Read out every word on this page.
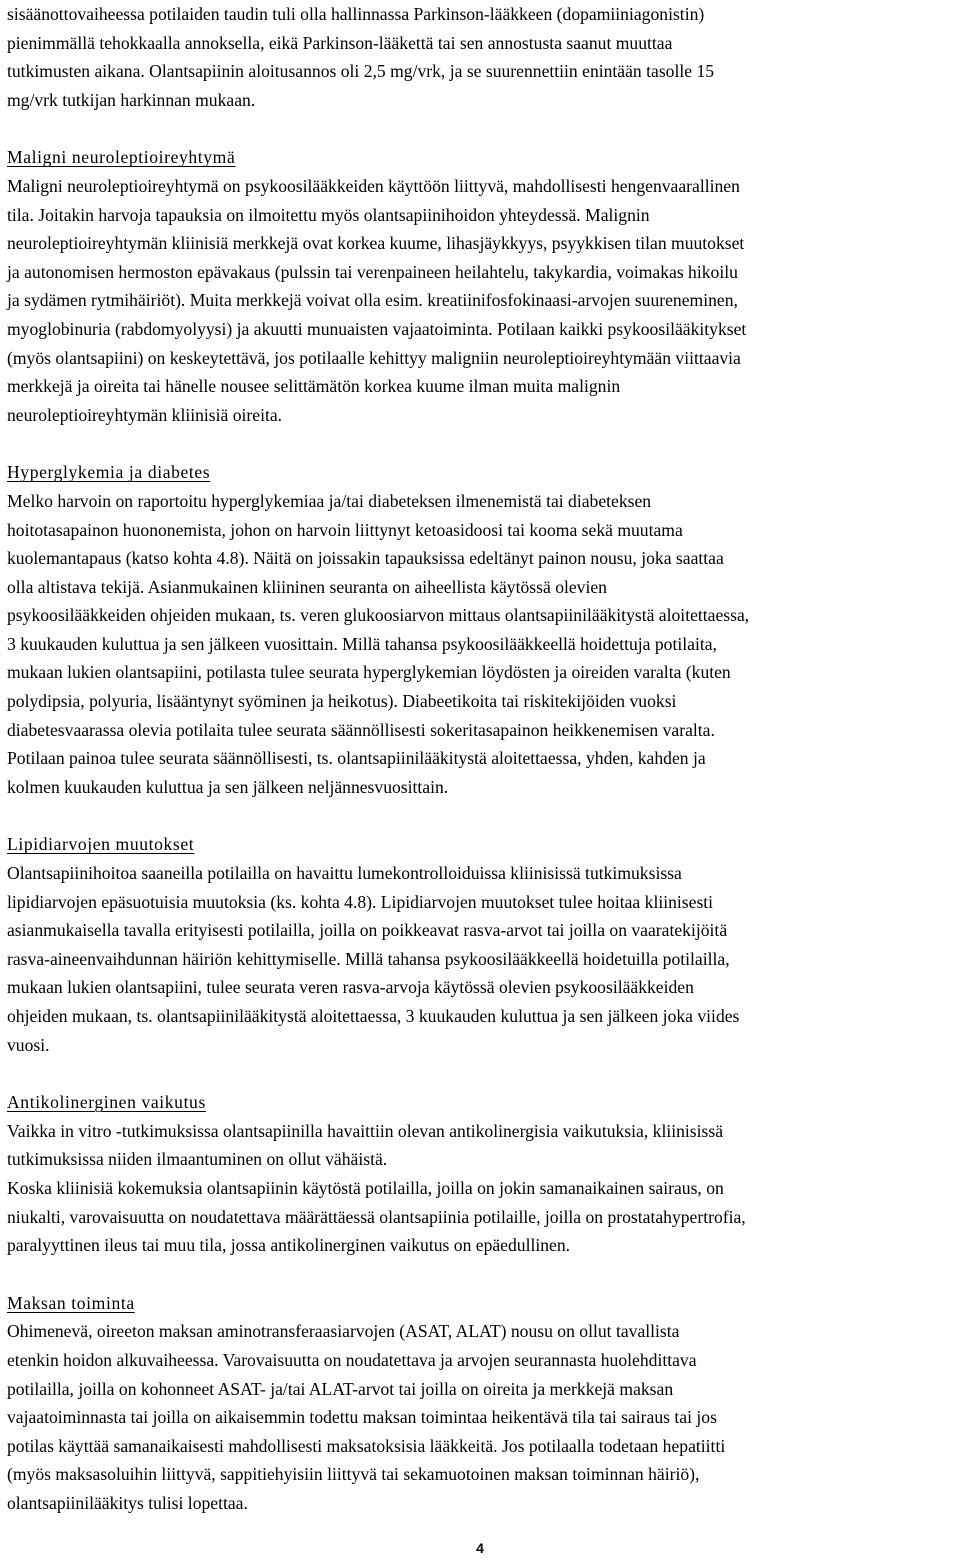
sisäänottovaiheessa potilaiden taudin tuli olla hallinnassa Parkinson-lääkkeen (dopamiiniagonistin)
pienimmällä tehokkaalla annoksella, eikä Parkinson-lääkettä tai sen annostusta saanut muuttaa
tutkimusten aikana. Olantsapiinin aloitusannos oli 2,5 mg/vrk, ja se suurennettiin enintään tasolle 15
mg/vrk tutkijan harkinnan mukaan.

Maligni neuroleptioireyhtymä

Maligni neuroleptioireyhtymä on psykoosilääkkeiden käyttöön liittyvä, mahdollisesti hengenvaarallinen
tila. Joitakin harvoja tapauksia on ilmoitettu myös olantsapiinihoidon yhteydessä. Malignin
neuroleptioireyhtymän kliinisiä merkkejä ovat korkea kuume, lihasjäykkyys, psyykkisen tilan muutokset
ja autonomisen hermoston epävakaus (pulssin tai verenpaineen heilahtelu, takykardia, voimakas hikoilu
ja sydämen rytmihäiriöt). Muita merkkejä voivat olla esim. kreatiinifosfokinaasi-arvojen suureneminen,
myoglobinuria (rabdomyolyysi) ja akuutti munuaisten vajaatoiminta. Potilaan kaikki psykoosilääkitykset
(myös olantsapiini) on keskeytettävä, jos potilaalle kehittyy maligniin neuroleptioireyhtymään viittaavia
merkkejä ja oireita tai hänelle nousee selittämätön korkea kuume ilman muita malignin
neuroleptioireyhtymän kliinisiä oireita.

Hyperglykemia ja diabetes

Melko harvoin on raportoitu hyperglykemiaa ja/tai diabeteksen ilmenemistä tai diabeteksen
hoitotasapainon huononemista, johon on harvoin liittynyt ketoasidoosi tai kooma sekä muutama
kuolemantapaus (katso kohta 4.8). Näitä on joissakin tapauksissa edeltänyt painon nousu, joka saattaa
olla altistava tekijä. Asianmukainen kliininen seuranta on aiheellista käytössä olevien
psykoosilääkkeiden ohjeiden mukaan, ts. veren glukoosiarvon mittaus olantsapiinilääkitystä aloitettaessa,
3 kuukauden kuluttua ja sen jälkeen vuosittain. Millä tahansa psykoosilääkkeellä hoidettuja potilaita,
mukaan lukien olantsapiini, potilasta tulee seurata hyperglykemian löydösten ja oireiden varalta (kuten
polydipsia, polyuria, lisääntynyt syöminen ja heikotus). Diabeetikoita tai riskitekijöiden vuoksi
diabetesvaarassa olevia potilaita tulee seurata säännöllisesti sokeritasapainon heikkenemisen varalta.
Potilaan painoa tulee seurata säännöllisesti, ts. olantsapiinilääkitystä aloitettaessa, yhden, kahden ja
kolmen kuukauden kuluttua ja sen jälkeen neljännesvuosittain.

Lipidiarvojen muutokset

Olantsapiinihoitoa saaneilla potilailla on havaittu lumekontrolloiduissa kliinisissä tutkimuksissa
lipidiarvojen epäsuotuisia muutoksia (ks. kohta 4.8). Lipidiarvojen muutokset tulee hoitaa kliinisesti
asianmukaisella tavalla erityisesti potilailla, joilla on poikkeavat rasva-arvot tai joilla on vaaratekijöitä
rasva-aineenvaihdunnan häiriön kehittymiselle. Millä tahansa psykoosilääkkeellä hoidetuilla potilailla,
mukaan lukien olantsapiini, tulee seurata veren rasva-arvoja käytössä olevien psykoosilääkkeiden
ohjeiden mukaan, ts. olantsapiinilääkitystä aloitettaessa, 3 kuukauden kuluttua ja sen jälkeen joka viides
vuosi.

Antikolinerginen vaikutus

Vaikka in vitro -tutkimuksissa olantsapiinilla havaittiin olevan antikolinergisia vaikutuksia, kliinisissä
tutkimuksissa niiden ilmaantuminen on ollut vähäistä.
Koska kliinisiä kokemuksia olantsapiinin käytöstä potilailla, joilla on jokin samanaikainen sairaus, on
niukalti, varovaisuutta on noudatettava määrättäessä olantsapiinia potilaille, joilla on prostatahypertrofia,
paralyyttinen ileus tai muu tila, jossa antikolinerginen vaikutus on epäedullinen.

Maksan toiminta

Ohimenevä, oireeton maksan aminotransferaasiarvojen (ASAT, ALAT) nousu on ollut tavallista
etenkin hoidon alkuvaiheessa. Varovaisuutta on noudatettava ja arvojen seurannasta huolehdittava
potilailla, joilla on kohonneet ASAT- ja/tai ALAT-arvot tai joilla on oireita ja merkkejä maksan
vajaatoiminnasta tai joilla on aikaisemmin todettu maksan toimintaa heikentävä tila tai sairaus tai jos
potilas käyttää samanaikaisesti mahdollisesti maksatoksisia lääkkeitä. Jos potilaalla todetaan hepatiitti
(myös maksasoluihin liittyvä, sappitiehyisiin liittyvä tai sekamuotoinen maksan toiminnan häiriö),
olantsapiinilääkitys tulisi lopettaa.

4
